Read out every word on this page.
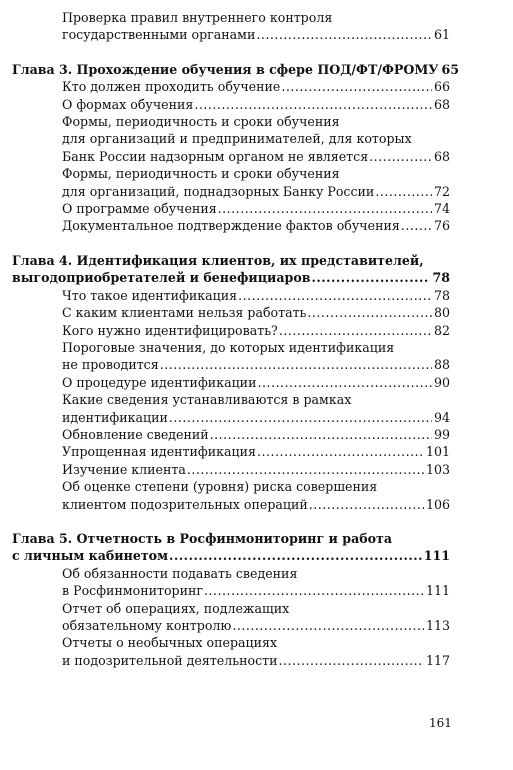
Проверка правил внутреннего контроля
государственными органами .....	61
Глава 3. Прохождение обучения в сфере ПОД/ФТ/ФРОМУ 65
Кто должен проходить обучение .....	66
О формах обучения .....	68
Формы, периодичность и сроки обучения
для организаций и предпринимателей, для которых
Банк России надзорным органом не является .....	68
Формы, периодичность и сроки обучения
для организаций, поднадзорных Банку России .....	72
О программе обучения .....	74
Документальное подтверждение фактов обучения .....	76
Глава 4. Идентификация клиентов, их представителей,
выгодоприобретателей и бенефициаров .....	78
Что такое идентификация .....	78
С каким клиентами нельзя работать .....	80
Кого нужно идентифицировать? .....	82
Пороговые значения, до которых идентификация
не проводится .....	88
О процедуре идентификации .....	90
Какие сведения устанавливаются в рамках
идентификации .....	94
Обновление сведений .....	99
Упрощенная идентификация .....	101
Изучение клиента .....	103
Об оценке степени (уровня) риска совершения
клиентом подозрительных операций .....	106
Глава 5. Отчетность в Росфинмониторинг и работа
с личным кабинетом .....	111
Об обязанности подавать сведения
в Росфинмониторинг .....	111
Отчет об операциях, подлежащих
обязательному контролю .....	113
Отчеты о необычных операциях
и подозрительной деятельности .....	117
161
